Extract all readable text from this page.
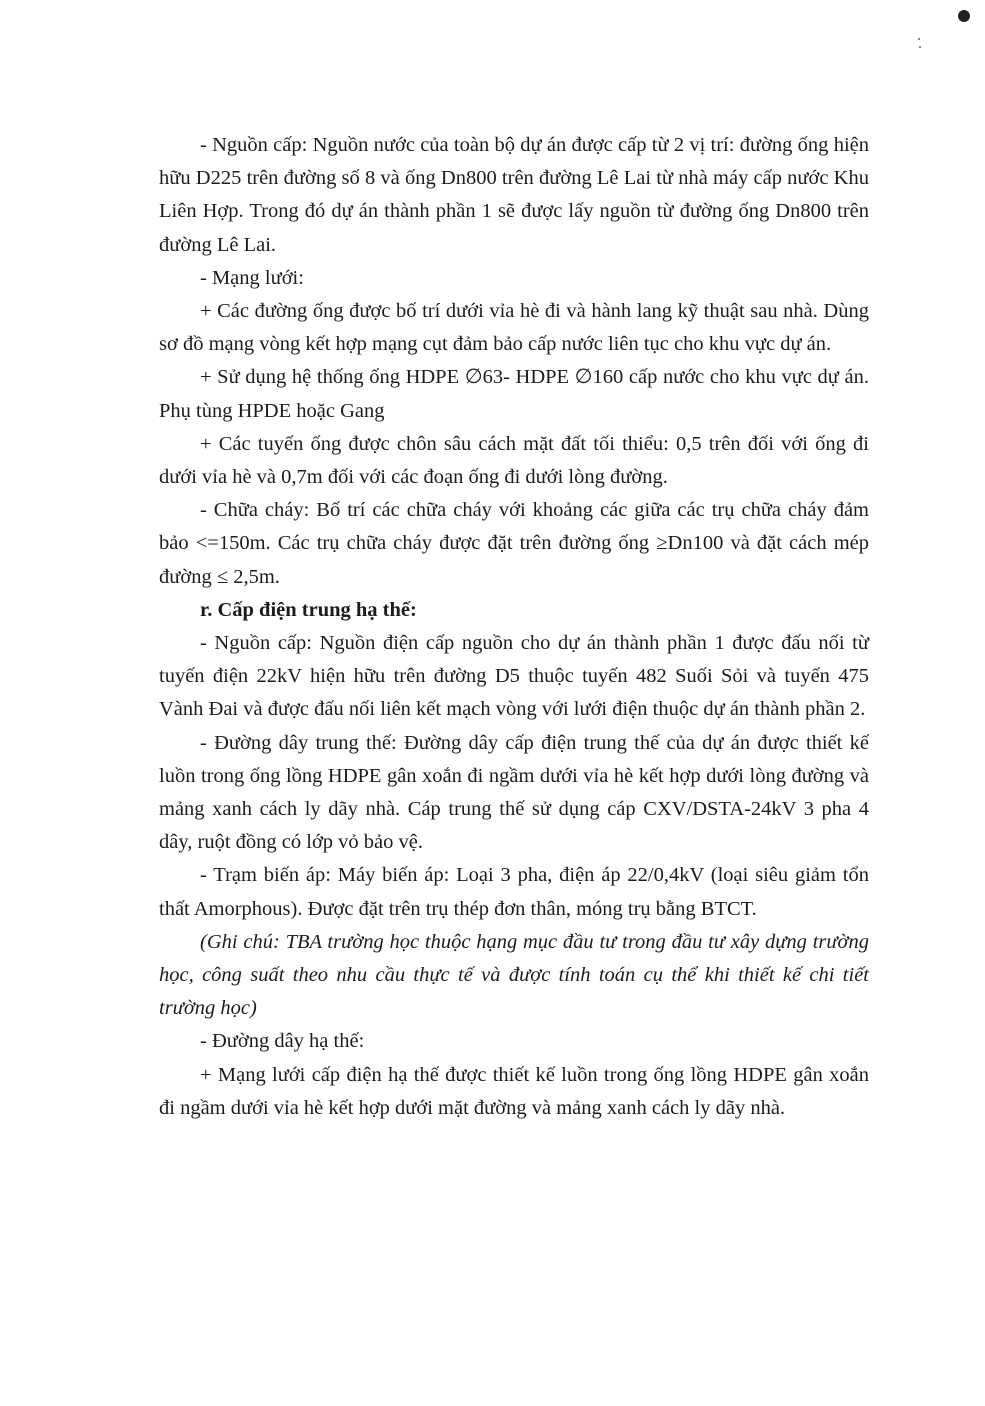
- Nguồn cấp: Nguồn nước của toàn bộ dự án được cấp từ 2 vị trí: đường ống hiện hữu D225 trên đường số 8 và ống Dn800 trên đường Lê Lai từ nhà máy cấp nước Khu Liên Hợp. Trong đó dự án thành phần 1 sẽ được lấy nguồn từ đường ống Dn800 trên đường Lê Lai.

- Mạng lưới:

+ Các đường ống được bố trí dưới vỉa hè đi và hành lang kỹ thuật sau nhà. Dùng sơ đồ mạng vòng kết hợp mạng cụt đảm bảo cấp nước liên tục cho khu vực dự án.

+ Sử dụng hệ thống ống HDPE ∅63- HDPE ∅160 cấp nước cho khu vực dự án. Phụ tùng HPDE hoặc Gang

+ Các tuyến ống được chôn sâu cách mặt đất tối thiểu: 0,5 trên đối với ống đi dưới vỉa hè và 0,7m đối với các đoạn ống đi dưới lòng đường.

- Chữa cháy: Bố trí các chữa cháy với khoảng các giữa các trụ chữa cháy đảm bảo <=150m. Các trụ chữa cháy được đặt trên đường ống ≥Dn100 và đặt cách mép đường ≤ 2,5m.

r. Cấp điện trung hạ thế:

- Nguồn cấp: Nguồn điện cấp nguồn cho dự án thành phần 1 được đấu nối từ tuyến điện 22kV hiện hữu trên đường D5 thuộc tuyến 482 Suối Sỏi và tuyến 475 Vành Đai và được đấu nối liên kết mạch vòng với lưới điện thuộc dự án thành phần 2.

- Đường dây trung thế: Đường dây cấp điện trung thế của dự án được thiết kế luồn trong ống lồng HDPE gân xoắn đi ngầm dưới vỉa hè kết hợp dưới lòng đường và mảng xanh cách ly dãy nhà. Cáp trung thế sử dụng cáp CXV/DSTA-24kV 3 pha 4 dây, ruột đồng có lớp vỏ bảo vệ.

- Trạm biến áp: Máy biến áp: Loại 3 pha, điện áp 22/0,4kV (loại siêu giảm tổn thất Amorphous). Được đặt trên trụ thép đơn thân, móng trụ bằng BTCT.

(Ghi chú: TBA trường học thuộc hạng mục đầu tư trong đầu tư xây dựng trường học, công suất theo nhu cầu thực tế và được tính toán cụ thể khi thiết kế chi tiết trường học)

- Đường dây hạ thế:

+ Mạng lưới cấp điện hạ thế được thiết kế luồn trong ống lồng HDPE gân xoắn đi ngầm dưới vỉa hè kết hợp dưới mặt đường và mảng xanh cách ly dãy nhà.
